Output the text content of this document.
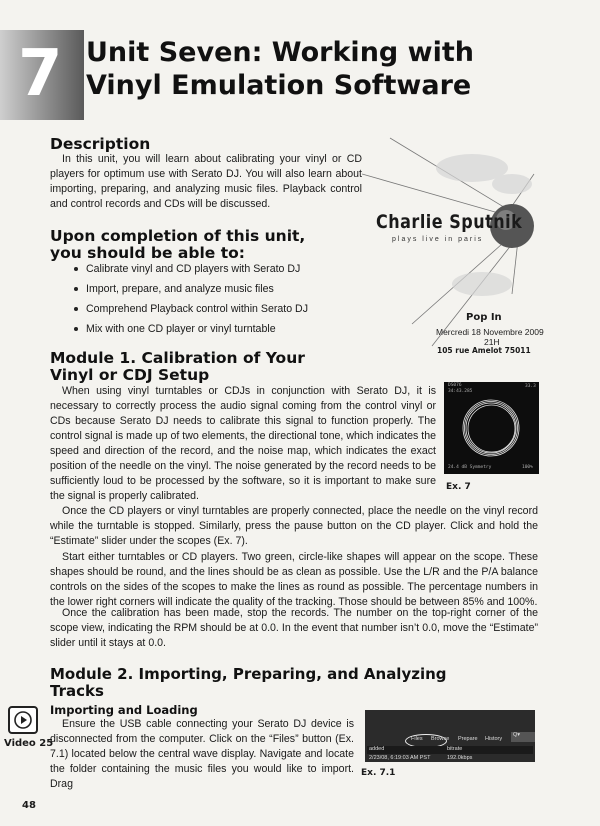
7 Unit Seven: Working with
Vinyl Emulation Software
Description

In this unit, you will learn about calibrating your vinyl or CD players for optimum use with Serato DJ. You will also learn about importing, preparing, and analyzing music files. Playback control and control records and CDs will be discussed.

Upon completion of this unit,
you should be able to:
Calibrate vinyl and CD players with Serato DJ
Import, prepare, and analyze music files
Comprehend Playback control within Serato DJ
Mix with one CD player or vinyl turntable
Charlie Sputnik
plays live in paris
Pop In
Mercredi 18 Novembre 2009
21H
105 rue Amelot 75011
Module 1. Calibration of Your
Vinyl or CDJ Setup

When using vinyl turntables or CDJs in conjunction with Serato DJ, it is necessary to correctly process the audio signal coming from the control vinyl or CDs because Serato DJ needs to calibrate this signal to function properly. The control signal is made up of two elements, the directional tone, which indicates the speed and direction of the record, and the noise map, which indicates the exact position of the needle on the vinyl. The noise generated by the record needs to be sufficiently loud to be processed by the software, so it is important to make sure the signal is properly calibrated.

DS076
34:43.285
33.3
24.4 dB Symmetry	100%
Ex. 7

Once the CD players or vinyl turntables are properly connected, place the needle on the vinyl record while the turntable is stopped. Similarly, press the pause button on the CD player. Click and hold the “Estimate” slider under the scopes (Ex. 7).

Start either turntables or CD players. Two green, circle-like shapes will appear on the scope. These shapes should be round, and the lines should be as clean as possible. Use the L/R and the P/A balance controls on the sides of the scopes to make the lines as round as possible. The percentage numbers in the lower right corners will indicate the quality of the tracking. Those should be between 85% and 100%.

Once the calibration has been made, stop the records. The number on the top-right corner of the scope view, indicating the RPM should be at 0.0. In the event that number isn’t 0.0, move the “Estimate” slider until it stays at 0.0.

Module 2. Importing, Preparing, and Analyzing
Tracks
Video 25
Importing and Loading

Ensure the USB cable connecting your Serato DJ device is disconnected from the computer. Click on the “Files” button (Ex. 7.1) located below the central wave display. Navigate and locate the folder containing the music files you would like to import. Drag

Files Browse Prepare History
Q▾
added	bitrate
2/23/08, 6:19:03 AM PST	192.0kbps
Ex. 7.1
48
